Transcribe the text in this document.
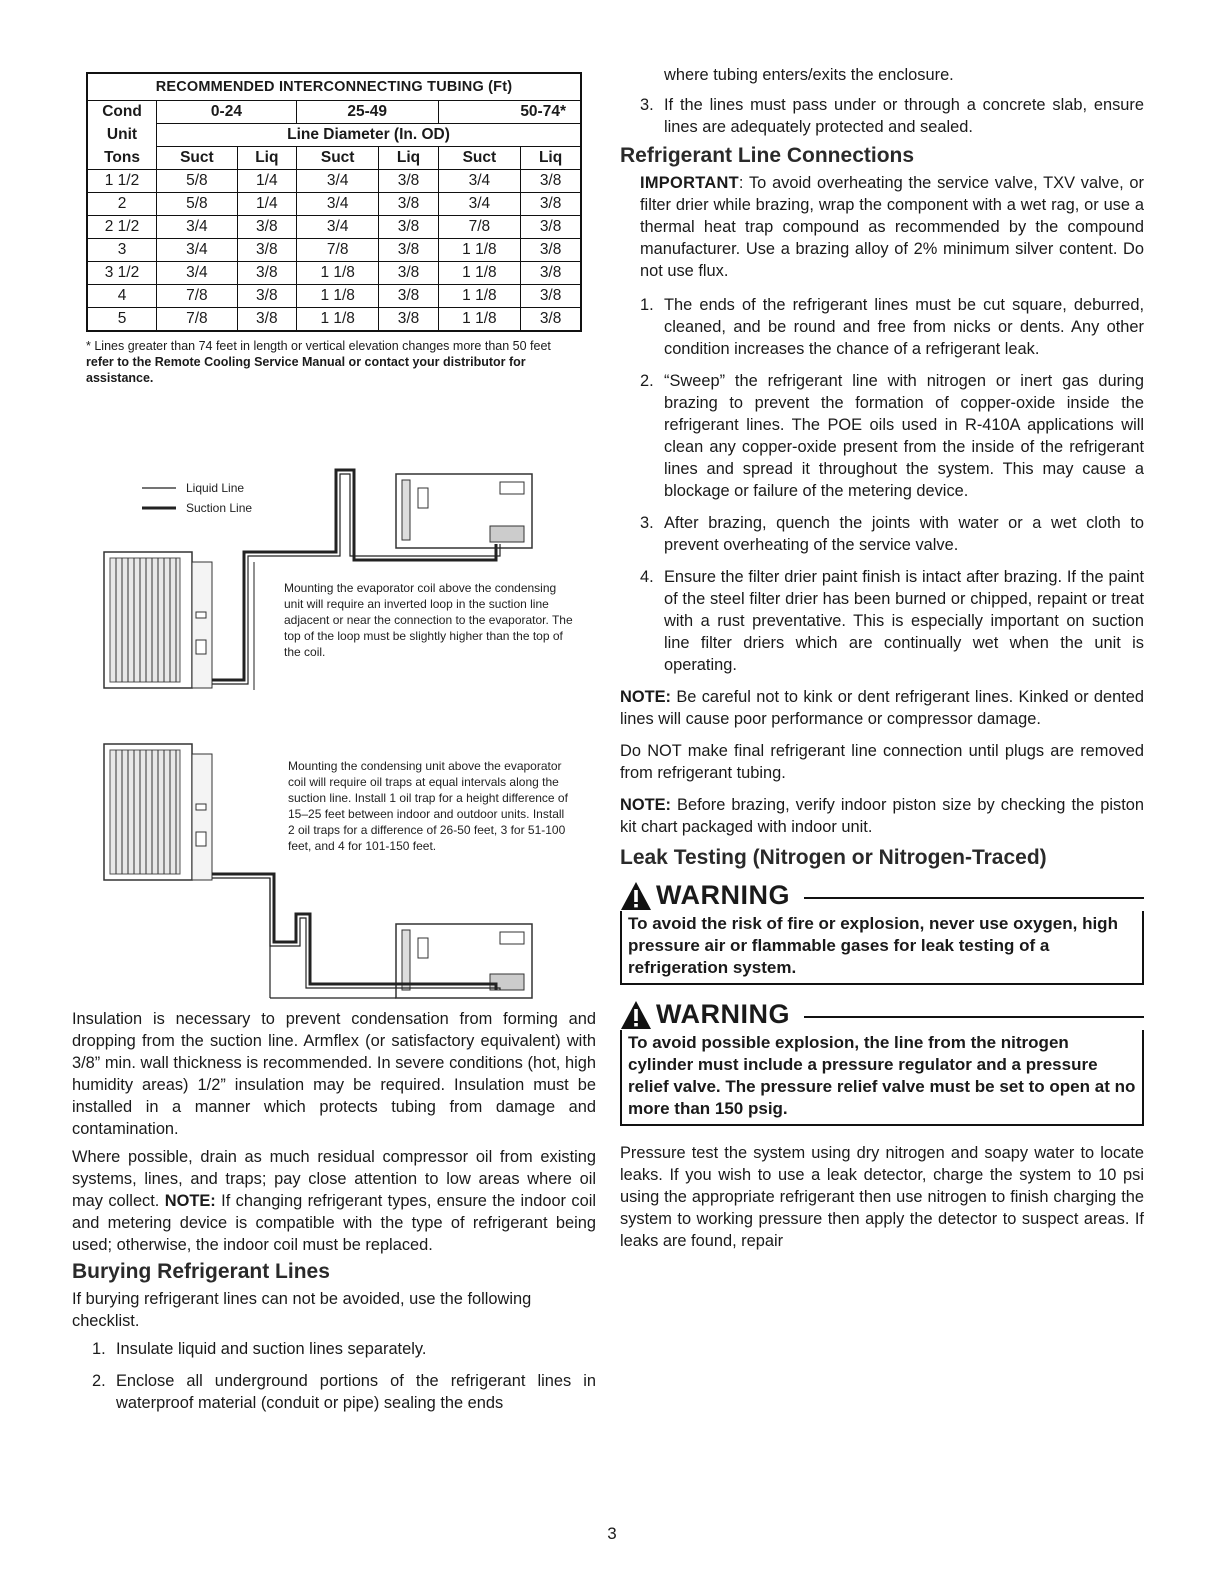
RECOMMENDED INTERCONNECTING TUBING (Ft)						
Cond	0-24		25-49		50-74*	
Unit	Line Diameter (In. OD)					
Tons	Suct	Liq	Suct	Liq	Suct	Liq
1 1/2	5/8	1/4	3/4	3/8	3/4	3/8
2	5/8	1/4	3/4	3/8	3/4	3/8
2 1/2	3/4	3/8	3/4	3/8	7/8	3/8
3	3/4	3/8	7/8	3/8	1 1/8	3/8
3 1/2	3/4	3/8	1 1/8	3/8	1 1/8	3/8
4	7/8	3/8	1 1/8	3/8	1 1/8	3/8
5	7/8	3/8	1 1/8	3/8	1 1/8	3/8
* Lines greater than 74 feet in length or vertical elevation changes more than 50 feet refer to the Remote Cooling Service Manual or contact your distributor for assistance.
Liquid Line
Suction Line
Mounting the evaporator coil above the condensing unit will require an inverted loop in the suction line adjacent or near the connection to the evaporator. The top of the loop must be slightly higher than the top of the coil.
Mounting the condensing unit above the evaporator coil will require oil traps at equal intervals along the suction line. Install 1 oil trap for a height difference of 15–25 feet between indoor and outdoor units. Install 2 oil traps for a difference of 26-50 feet, 3 for 51-100 feet, and 4 for 101-150 feet.

Insulation is necessary to prevent condensation from forming and dropping from the suction line. Armflex (or satisfactory equivalent) with 3/8” min. wall thickness is recommended. In severe conditions (hot, high humidity areas) 1/2” insulation may be required. Insulation must be installed in a manner which protects tubing from damage and contamination.

Where possible, drain as much residual compressor oil from existing systems, lines, and traps; pay close attention to low areas where oil may collect. NOTE: If changing refrigerant types, ensure the indoor coil and metering device is compatible with the type of refrigerant being used; otherwise, the indoor coil must be replaced.

Burying Refrigerant Lines

If burying refrigerant lines can not be avoided, use the following checklist.

1. Insulate liquid and suction lines separately.
2. Enclose all underground portions of the refrigerant lines in waterproof material (conduit or pipe) sealing the ends
where tubing enters/exits the enclosure.
3. If the lines must pass under or through a concrete slab, ensure lines are adequately protected and sealed.
Refrigerant Line Connections
IMPORTANT: To avoid overheating the service valve, TXV valve, or filter drier while brazing, wrap the component with a wet rag, or use a thermal heat trap compound as recommended by the compound manufacturer. Use a brazing alloy of 2% minimum silver content. Do not use flux.
1. The ends of the refrigerant lines must be cut square, deburred, cleaned, and be round and free from nicks or dents. Any other condition increases the chance of a refrigerant leak.
2. “Sweep” the refrigerant line with nitrogen or inert gas during brazing to prevent the formation of copper-oxide inside the refrigerant lines. The POE oils used in R-410A applications will clean any copper-oxide present from the inside of the refrigerant lines and spread it throughout the system. This may cause a blockage or failure of the metering device.
3. After brazing, quench the joints with water or a wet cloth to prevent overheating of the service valve.
4. Ensure the filter drier paint finish is intact after brazing. If the paint of the steel filter drier has been burned or chipped, repaint or treat with a rust preventative. This is especially important on suction line filter driers which are continually wet when the unit is operating.

NOTE: Be careful not to kink or dent refrigerant lines. Kinked or dented lines will cause poor performance or compressor damage.

Do NOT make final refrigerant line connection until plugs are removed from refrigerant tubing.

NOTE: Before brazing, verify indoor piston size by checking the piston kit chart packaged with indoor unit.

Leak Testing (Nitrogen or Nitrogen-Traced)
WARNING
To avoid the risk of fire or explosion, never use oxygen, high pressure air or flammable gases for leak testing of a refrigeration system.
WARNING
To avoid possible explosion, the line from the nitrogen cylinder must include a pressure regulator and a pressure relief valve. The pressure relief valve must be set to open at no more than 150 psig.

Pressure test the system using dry nitrogen and soapy water to locate leaks. If you wish to use a leak detector, charge the system to 10 psi using the appropriate refrigerant then use nitrogen to finish charging the system to working pressure then apply the detector to suspect areas. If leaks are found, repair

3
